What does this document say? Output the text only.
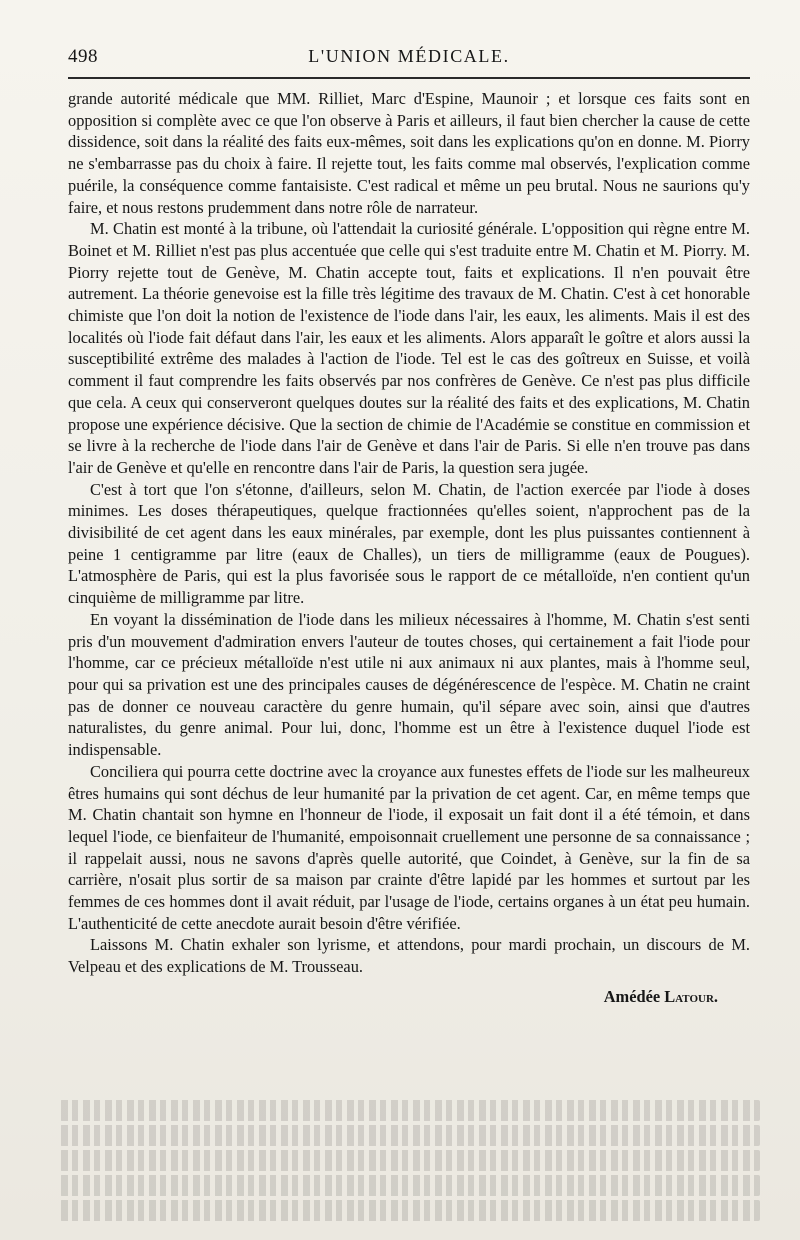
498	L'UNION MÉDICALE.

grande autorité médicale que MM. Rilliet, Marc d'Espine, Maunoir ; et lorsque ces faits sont en opposition si complète avec ce que l'on observe à Paris et ailleurs, il faut bien chercher la cause de cette dissidence, soit dans la réalité des faits eux-mêmes, soit dans les explications qu'on en donne. M. Piorry ne s'embarrasse pas du choix à faire. Il rejette tout, les faits comme mal observés, l'explication comme puérile, la conséquence comme fantaisiste. C'est radical et même un peu brutal. Nous ne saurions qu'y faire, et nous restons prudemment dans notre rôle de narrateur.

M. Chatin est monté à la tribune, où l'attendait la curiosité générale. L'opposition qui règne entre M. Boinet et M. Rilliet n'est pas plus accentuée que celle qui s'est traduite entre M. Chatin et M. Piorry. M. Piorry rejette tout de Genève, M. Chatin accepte tout, faits et explications. Il n'en pouvait être autrement. La théorie genevoise est la fille très légitime des travaux de M. Chatin. C'est à cet honorable chimiste que l'on doit la notion de l'existence de l'iode dans l'air, les eaux, les aliments. Mais il est des localités où l'iode fait défaut dans l'air, les eaux et les aliments. Alors apparaît le goître et alors aussi la susceptibilité extrême des malades à l'action de l'iode. Tel est le cas des goîtreux en Suisse, et voilà comment il faut comprendre les faits observés par nos confrères de Genève. Ce n'est pas plus difficile que cela. A ceux qui conserveront quelques doutes sur la réalité des faits et des explications, M. Chatin propose une expérience décisive. Que la section de chimie de l'Académie se constitue en commission et se livre à la recherche de l'iode dans l'air de Genève et dans l'air de Paris. Si elle n'en trouve pas dans l'air de Genève et qu'elle en rencontre dans l'air de Paris, la question sera jugée.

C'est à tort que l'on s'étonne, d'ailleurs, selon M. Chatin, de l'action exercée par l'iode à doses minimes. Les doses thérapeutiques, quelque fractionnées qu'elles soient, n'approchent pas de la divisibilité de cet agent dans les eaux minérales, par exemple, dont les plus puissantes contiennent à peine 1 centigramme par litre (eaux de Challes), un tiers de milligramme (eaux de Pougues). L'atmosphère de Paris, qui est la plus favorisée sous le rapport de ce métalloïde, n'en contient qu'un cinquième de milligramme par litre.

En voyant la dissémination de l'iode dans les milieux nécessaires à l'homme, M. Chatin s'est senti pris d'un mouvement d'admiration envers l'auteur de toutes choses, qui certainement a fait l'iode pour l'homme, car ce précieux métalloïde n'est utile ni aux animaux ni aux plantes, mais à l'homme seul, pour qui sa privation est une des principales causes de dégénérescence de l'espèce. M. Chatin ne craint pas de donner ce nouveau caractère du genre humain, qu'il sépare avec soin, ainsi que d'autres naturalistes, du genre animal. Pour lui, donc, l'homme est un être à l'existence duquel l'iode est indispensable.

Conciliera qui pourra cette doctrine avec la croyance aux funestes effets de l'iode sur les malheureux êtres humains qui sont déchus de leur humanité par la privation de cet agent. Car, en même temps que M. Chatin chantait son hymne en l'honneur de l'iode, il exposait un fait dont il a été témoin, et dans lequel l'iode, ce bienfaiteur de l'humanité, empoisonnait cruellement une personne de sa connaissance ; il rappelait aussi, nous ne savons d'après quelle autorité, que Coindet, à Genève, sur la fin de sa carrière, n'osait plus sortir de sa maison par crainte d'être lapidé par les hommes et surtout par les femmes de ces hommes dont il avait réduit, par l'usage de l'iode, certains organes à un état peu humain. L'authenticité de cette anecdote aurait besoin d'être vérifiée.

Laissons M. Chatin exhaler son lyrisme, et attendons, pour mardi prochain, un discours de M. Velpeau et des explications de M. Trousseau.

Amédée Latour.
